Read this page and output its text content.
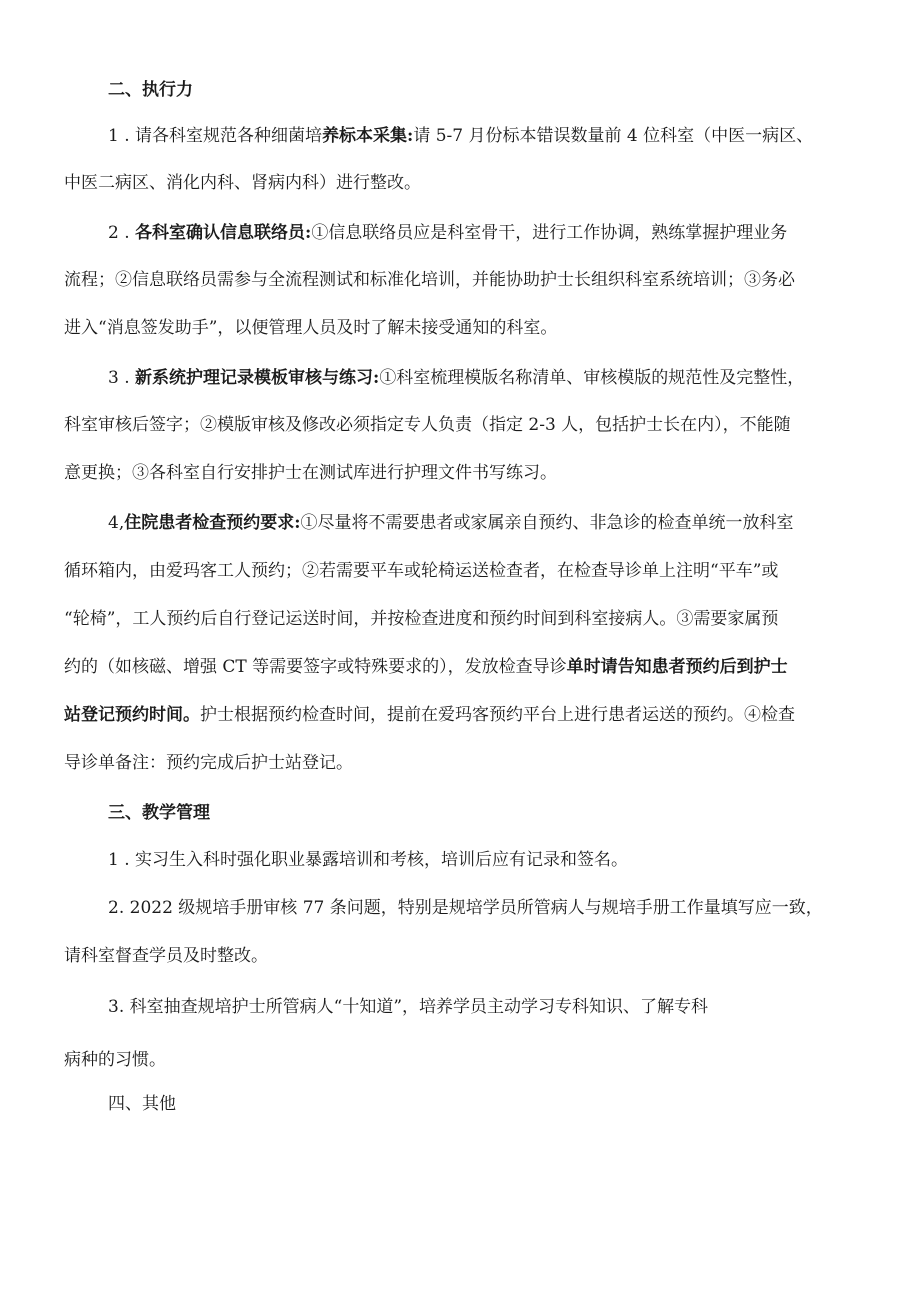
二、执行力
1 . 请各科室规范各种细菌培养标本采集:请 5-7 月份标本错误数量前 4 位科室（中医一病区、
中医二病区、消化内科、肾病内科）进行整改。
2 . 各科室确认信息联络员:①信息联络员应是科室骨干，进行工作协调，熟练掌握护理业务
流程；②信息联络员需参与全流程测试和标准化培训，并能协助护士长组织科室系统培训；③务必
进入“消息签发助手”，以便管理人员及时了解未接受通知的科室。
3 . 新系统护理记录模板审核与练习:①科室梳理模版名称清单、审核模版的规范性及完整性，
科室审核后签字；②模版审核及修改必须指定专人负责（指定 2-3 人，包括护士长在内），不能随
意更换；③各科室自行安排护士在测试库进行护理文件书写练习。
4,住院患者检查预约要求:①尽量将不需要患者或家属亲自预约、非急诊的检查单统一放科室
循环箱内，由爱玛客工人预约；②若需要平车或轮椅运送检查者，在检查导诊单上注明“平车”或
“轮椅”，工人预约后自行登记运送时间，并按检查进度和预约时间到科室接病人。③需要家属预
约的（如核磁、增强 CT 等需要签字或特殊要求的），发放检查导诊单时请告知患者预约后到护士
站登记预约时间。护士根据预约检查时间，提前在爱玛客预约平台上进行患者运送的预约。④检查
导诊单备注：预约完成后护士站登记。
三、教学管理
1 . 实习生入科时强化职业暴露培训和考核，培训后应有记录和签名。
2. 2022 级规培手册审核 77 条问题，特别是规培学员所管病人与规培手册工作量填写应一致，
请科室督查学员及时整改。
3. 科室抽查规培护士所管病人“十知道”，培养学员主动学习专科知识、了解专科
病种的习惯。
四、其他
